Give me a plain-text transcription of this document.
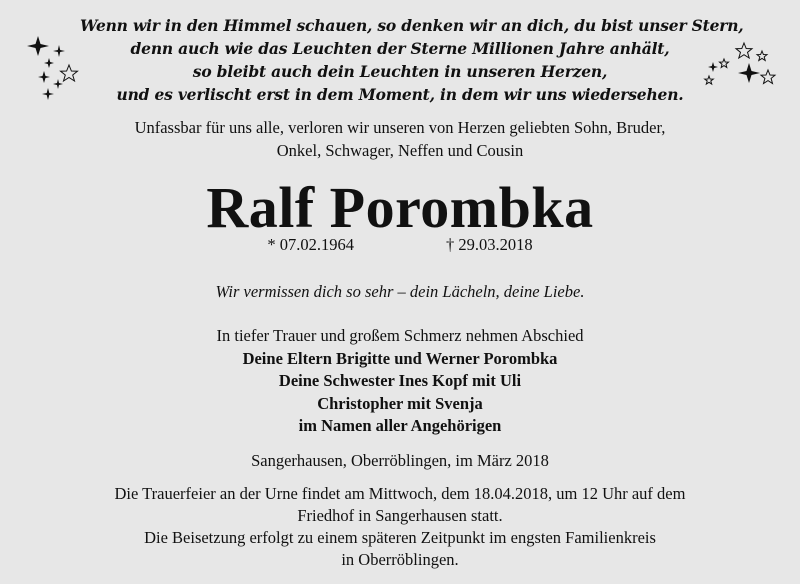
Wenn wir in den Himmel schauen, so denken wir an dich, du bist unser Stern,
denn auch wie das Leuchten der Sterne Millionen Jahre anhält,
so bleibt auch dein Leuchten in unseren Herzen,
und es verlischt erst in dem Moment, in dem wir uns wiedersehen.
Unfassbar für uns alle, verloren wir unseren von Herzen geliebten Sohn, Bruder,
Onkel, Schwager, Neffen und Cousin
Ralf Porombka
* 07.02.1964	† 29.03.2018
Wir vermissen dich so sehr – dein Lächeln, deine Liebe.
In tiefer Trauer und großem Schmerz nehmen Abschied
Deine Eltern Brigitte und Werner Porombka
Deine Schwester Ines Kopf mit Uli
Christopher mit Svenja
im Namen aller Angehörigen
Sangerhausen, Oberröblingen, im März 2018
Die Trauerfeier an der Urne findet am Mittwoch, dem 18.04.2018, um 12 Uhr auf dem
Friedhof in Sangerhausen statt.
Die Beisetzung erfolgt zu einem späteren Zeitpunkt im engsten Familienkreis
in Oberröblingen.
